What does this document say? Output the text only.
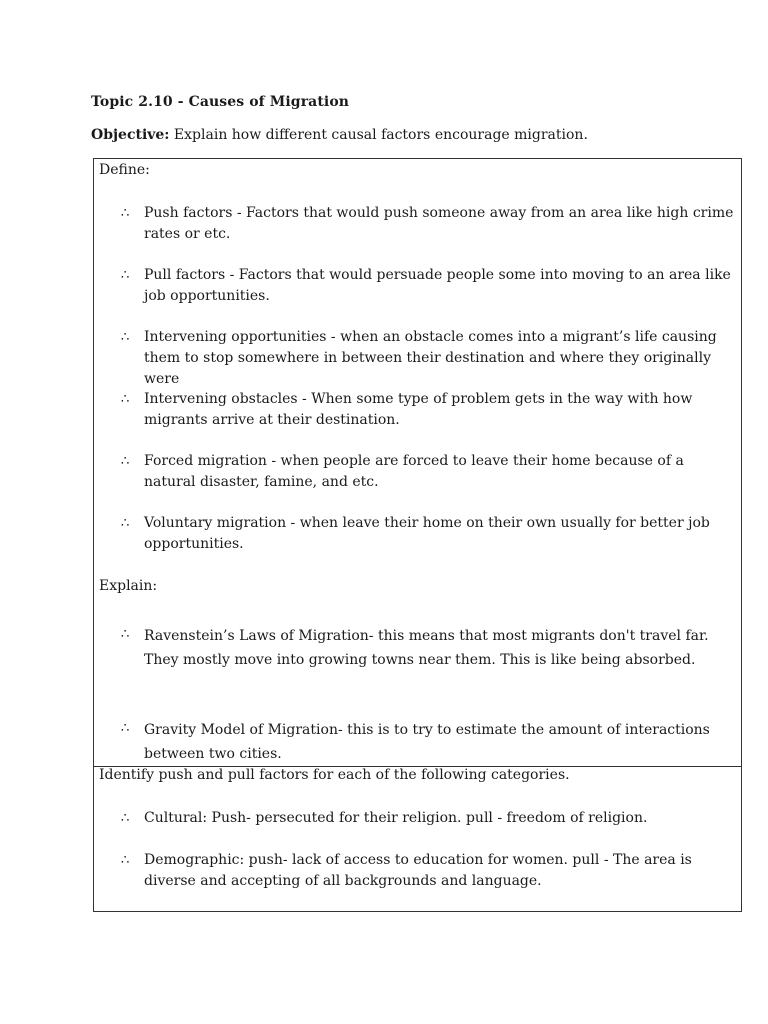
Topic 2.10 - Causes of Migration
Objective: Explain how different causal factors encourage migration.
Define:
∴	Push factors - Factors that would push someone away from an area like high crime rates or etc.
∴	Pull factors - Factors that would persuade people some into moving to an area like job opportunities.
∴	Intervening opportunities - when an obstacle comes into a migrant’s life causing them to stop somewhere in between their destination and where they originally were
∴	Intervening obstacles - When some type of problem gets in the way with how migrants arrive at their destination.
∴	Forced migration - when people are forced to leave their home because of a natural disaster, famine, and etc.
∴	Voluntary migration - when leave their home on their own usually for better job opportunities.
Explain:
∴	Ravenstein’s Laws of Migration- this means that most migrants don't travel far. They mostly move into growing towns near them. This is like being absorbed.
∴	Gravity Model of Migration- this is to try to estimate the amount of interactions between two cities.
Identify push and pull factors for each of the following categories.
∴	Cultural: Push- persecuted for their religion. pull - freedom of religion.
∴	Demographic: push- lack of access to education for women. pull - The area is diverse and accepting of all backgrounds and language.
